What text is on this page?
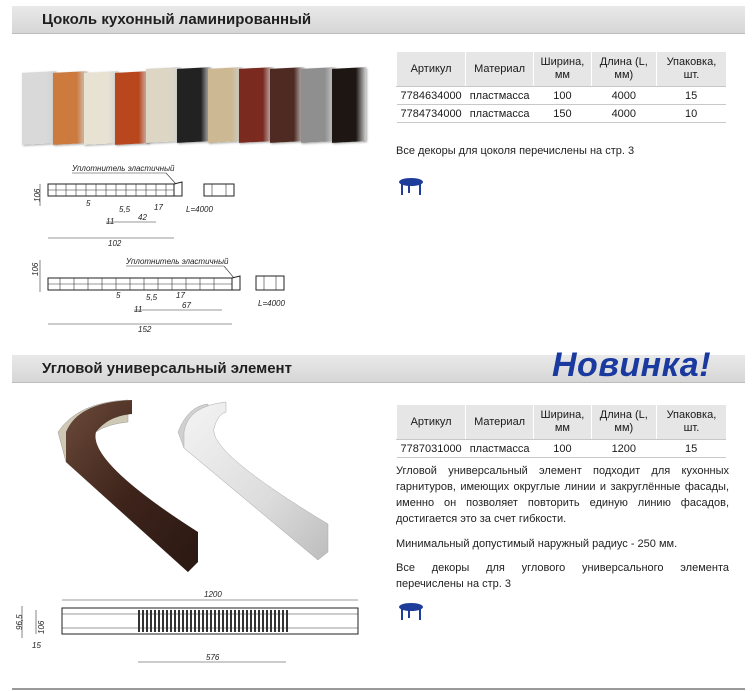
Цоколь кухонный ламинированный
Артикул	Материал	Ширина, мм	Длина (L, мм)	Упаковка, шт.
7784634000	пластмасса	100	4000	15
7784734000	пластмасса	150	4000	10
Все декоры для цоколя перечислены на стр. 3
Уплотнитель эластичный
106
102
42
11
5,5
5	17	L=4000
Уплотнитель эластичный
106
152
67
11
5,5
5	17
L=4000
Угловой универсальный элемент	Новинка!
Артикул	Материал	Ширина, мм	Длина (L, мм)	Упаковка, шт.
7787031000	пластмасса	100	1200	15
Угловой универсальный элемент подходит для кухонных гарнитуров, имеющих округлые линии и закруглённые фасады, именно он позволяет повторить единую линию фасадов, достигается это за счет гибкости.
Минимальный допустимый наружный радиус - 250 мм.
Все декоры для углового универсального элемента перечислены на стр. 3
1200
96,5 106
15
576
